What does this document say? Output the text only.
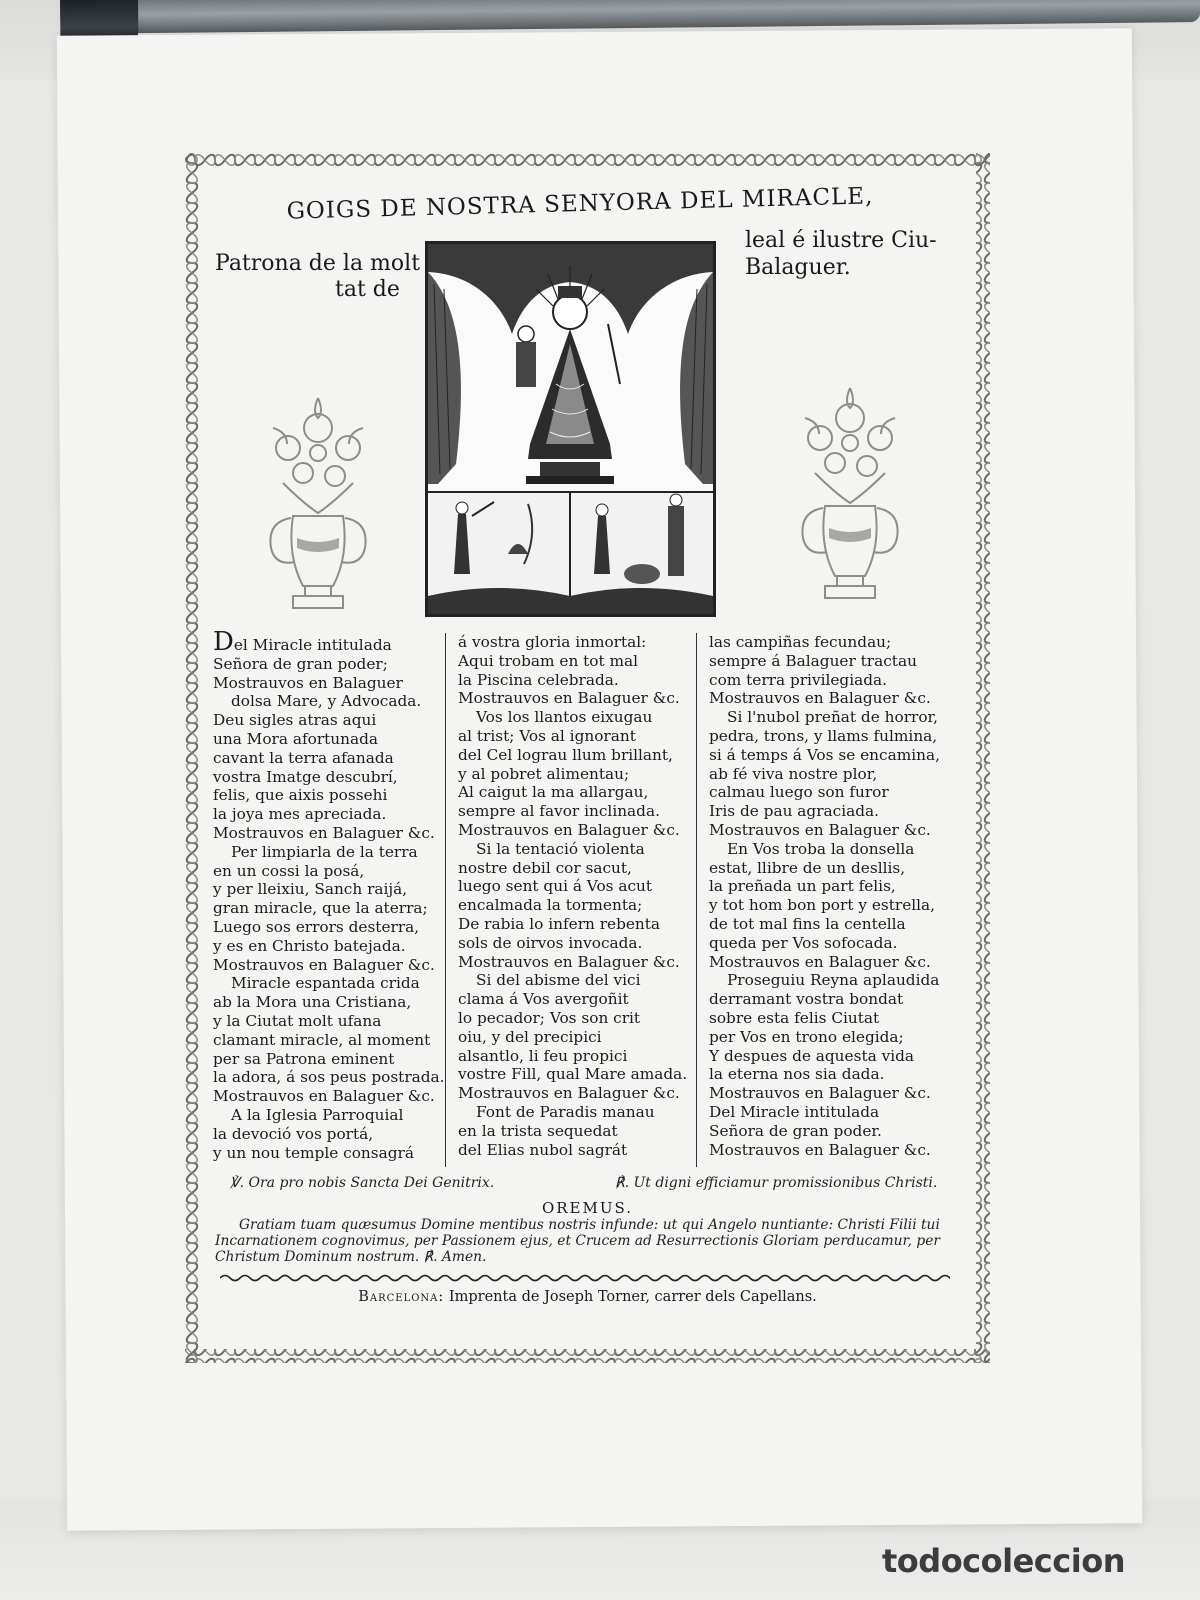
GOIGS DE NOSTRA SENYORA DEL MIRACLE,
Patrona de la molt
tat de
leal é ilustre Ciu-
Balaguer.
Del Miracle intitulada
Señora de gran poder;
Mostrauvos en Balaguer
dolsa Mare, y Advocada.
Deu sigles atras aqui
una Mora afortunada
cavant la terra afanada
vostra Imatge descubrí,
felis, que aixis possehi
la joya mes apreciada.
Mostrauvos en Balaguer &c.
Per limpiarla de la terra
en un cossi la posá,
y per lleixiu, Sanch raijá,
gran miracle, que la aterra;
Luego sos errors desterra,
y es en Christo batejada.
Mostrauvos en Balaguer &c.
Miracle espantada crida
ab la Mora una Cristiana,
y la Ciutat molt ufana
clamant miracle, al moment
per sa Patrona eminent
la adora, á sos peus postrada.
Mostrauvos en Balaguer &c.
A la Iglesia Parroquial
la devoció vos portá,
y un nou temple consagrá
á vostra gloria inmortal:
Aqui trobam en tot mal
la Piscina celebrada.
Mostrauvos en Balaguer &c.
Vos los llantos eixugau
al trist; Vos al ignorant
del Cel lograu llum brillant,
y al pobret alimentau;
Al caigut la ma allargau,
sempre al favor inclinada.
Mostrauvos en Balaguer &c.
Si la tentació violenta
nostre debil cor sacut,
luego sent qui á Vos acut
encalmada la tormenta;
De rabia lo infern rebenta
sols de oirvos invocada.
Mostrauvos en Balaguer &c.
Si del abisme del vici
clama á Vos avergoñit
lo pecador; Vos son crit
oiu, y del precipici
alsantlo, li feu propici
vostre Fill, qual Mare amada.
Mostrauvos en Balaguer &c.
Font de Paradis manau
en la trista sequedat
del Elias nubol sagrát
las campiñas fecundau;
sempre á Balaguer tractau
com terra privilegiada.
Mostrauvos en Balaguer &c.
Si l'nubol preñat de horror,
pedra, trons, y llams fulmina,
si á temps á Vos se encamina,
ab fé viva nostre plor,
calmau luego son furor
Iris de pau agraciada.
Mostrauvos en Balaguer &c.
En Vos troba la donsella
estat, llibre de un desllis,
la preñada un part felis,
y tot hom bon port y estrella,
de tot mal fins la centella
queda per Vos sofocada.
Mostrauvos en Balaguer &c.
Proseguiu Reyna aplaudida
derramant vostra bondat
sobre esta felis Ciutat
per Vos en trono elegida;
Y despues de aquesta vida
la eterna nos sia dada.
Mostrauvos en Balaguer &c.
Del Miracle intitulada
Señora de gran poder.
Mostrauvos en Balaguer &c.
℣. Ora pro nobis Sancta Dei Genitrix.	℟. Ut digni efficiamur promissionibus Christi.
OREMUS.
Gratiam tuam quæsumus Domine mentibus nostris infunde: ut qui Angelo nuntiante: Christi Filii tui Incarnationem cognovimus, per Passionem ejus, et Crucem ad Resurrectionis Gloriam perducamur, per Christum Dominum nostrum. ℟. Amen.
Barcelona: Imprenta de Joseph Torner, carrer dels Capellans.
todocoleccion
